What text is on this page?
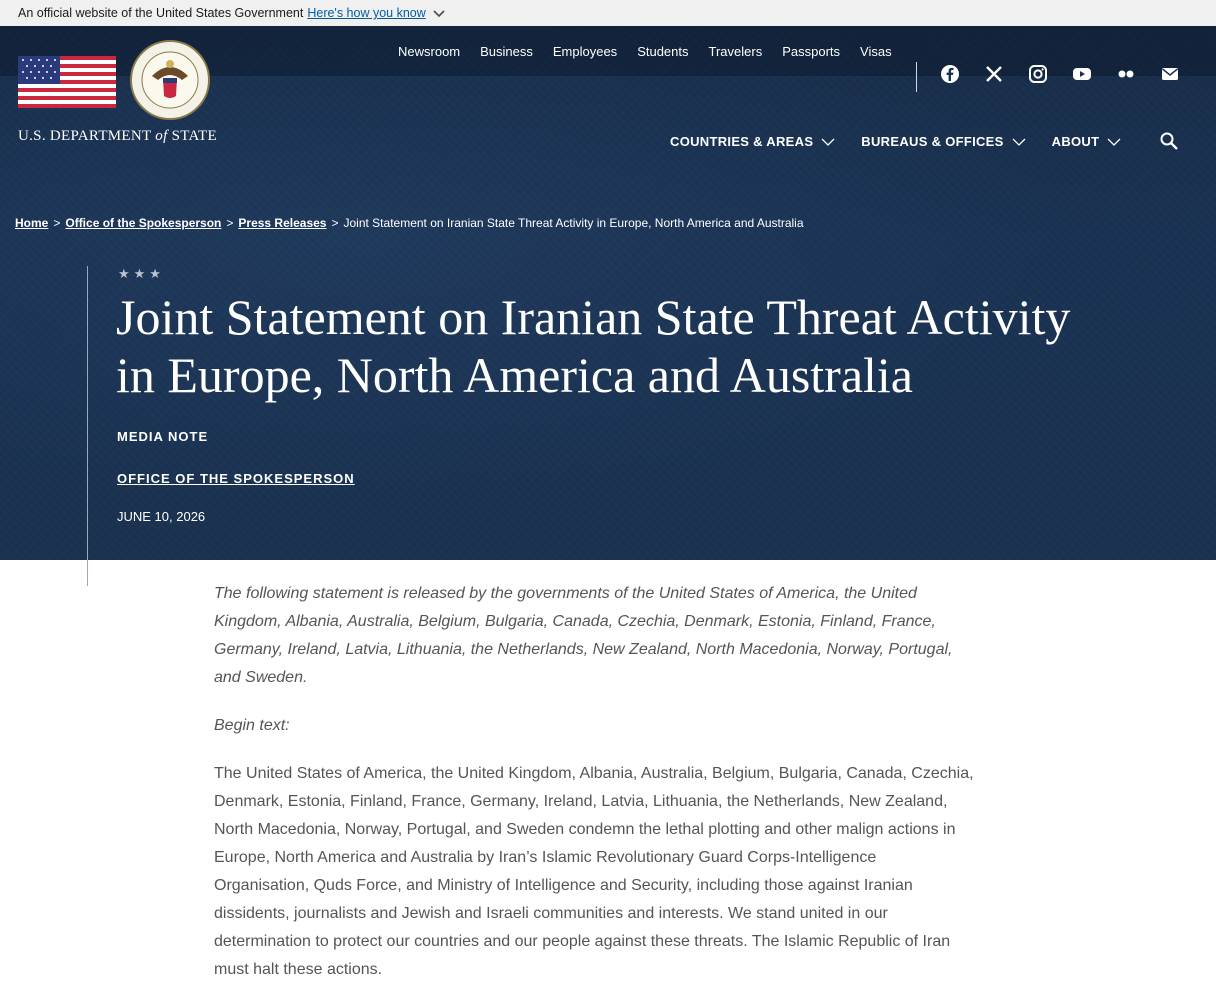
An official website of the United States Government Here's how you know
U.S. DEPARTMENT of STATE
Newsroom	Business	Employees	Students	Travelers	Passports	Visas
COUNTRIES & AREAS	BUREAUS & OFFICES	ABOUT
Home > Office of the Spokesperson > Press Releases > Joint Statement on Iranian State Threat Activity in Europe, North America and Australia
★★★
Joint Statement on Iranian State Threat Activity in Europe, North America and Australia
MEDIA NOTE
OFFICE OF THE SPOKESPERSON
JUNE 10, 2026

The following statement is released by the governments of the United States of America, the United Kingdom, Albania, Australia, Belgium, Bulgaria, Canada, Czechia, Denmark, Estonia, Finland, France, Germany, Ireland, Latvia, Lithuania, the Netherlands, New Zealand, North Macedonia, Norway, Portugal, and Sweden.

Begin text:

The United States of America, the United Kingdom, Albania, Australia, Belgium, Bulgaria, Canada, Czechia, Denmark, Estonia, Finland, France, Germany, Ireland, Latvia, Lithuania, the Netherlands, New Zealand, North Macedonia, Norway, Portugal, and Sweden condemn the lethal plotting and other malign actions in Europe, North America and Australia by Iran’s Islamic Revolutionary Guard Corps-Intelligence Organisation, Quds Force, and Ministry of Intelligence and Security, including those against Iranian dissidents, journalists and Jewish and Israeli communities and interests. We stand united in our determination to protect our countries and our people against these threats. The Islamic Republic of Iran must halt these actions.
